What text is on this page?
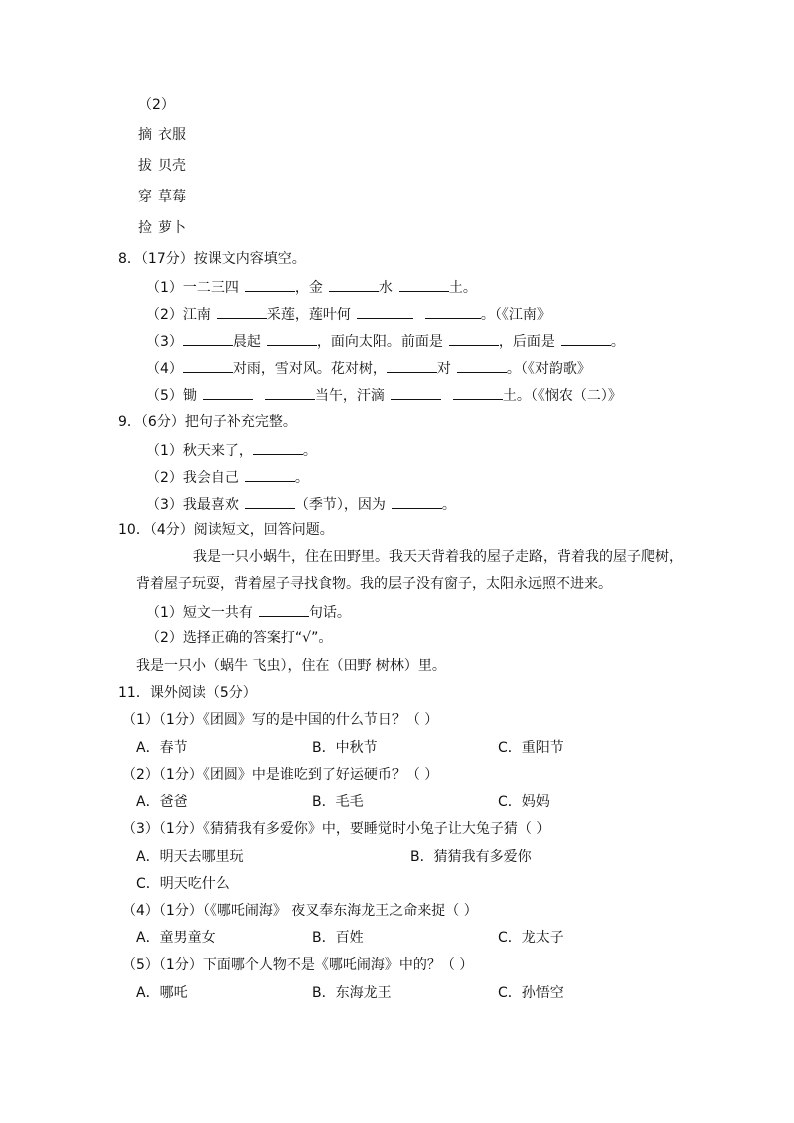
（2）
摘 衣服
拔 贝壳
穿 草莓
捡 萝卜
8．（17分）按课文内容填空。
（1）一二三四	，金	水	土。
（2）江南	采莲，莲叶何	。（《江南》
（3）	晨起	，面向太阳。前面是	，后面是	。
（4）	对雨，雪对风。花对树，	对	。（《对韵歌》
（5）锄	当午，汗滴	土。（《悯农（二）》
9．（6分）把句子补充完整。
（1）秋天来了，	。
（2）我会自己	。
（3）我最喜欢	（季节），因为	。
10．（4分）阅读短文，回答问题。
我是一只小蜗牛，住在田野里。我天天背着我的屋子走路，背着我的屋子爬树，
背着屋子玩耍，背着屋子寻找食物。我的层子没有窗子，太阳永远照不进来。
（1）短文一共有	句话。
（2）选择正确的答案打“√”。
我是一只小（蜗牛 飞虫），住在（田野 树林）里。
11．课外阅读（5分）
（1）（1分）《团圆》写的是中国的什么节日？（ ）
A．春节	B．中秋节	C．重阳节
（2）（1分）《团圆》中是谁吃到了好运硬币？（ ）
A．爸爸	B．毛毛	C．妈妈
（3）（1分）《猜猜我有多爱你》中，要睡觉时小兔子让大兔子猜（ ）
A．明天去哪里玩	B．猜猜我有多爱你
C．明天吃什么
（4）（1分）（《哪吒闹海》 夜叉奉东海龙王之命来捉（ ）
A．童男童女	B．百姓	C．龙太子
（5）（1分）下面哪个人物不是《哪吒闹海》中的？（ ）
A．哪吒	B．东海龙王	C．孙悟空
